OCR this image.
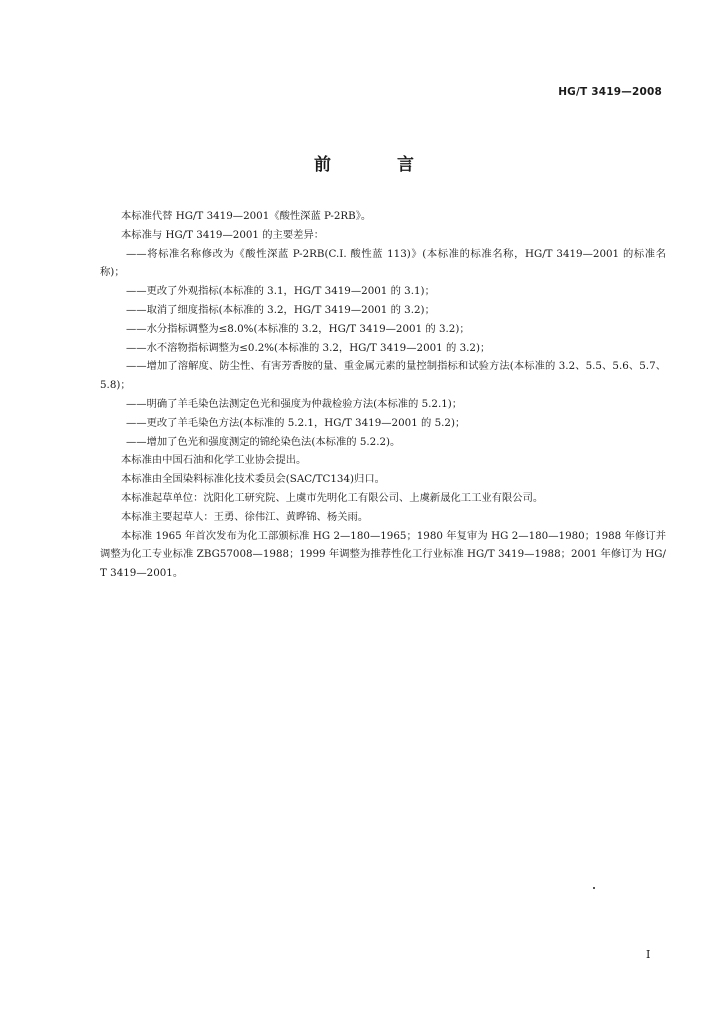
HG/T 3419—2008
前 言

本标准代替 HG/T 3419—2001《酸性深蓝 P-2RB》。

本标准与 HG/T 3419—2001 的主要差异：

——将标准名称修改为《酸性深蓝 P-2RB(C.I. 酸性蓝 113)》(本标准的标准名称，HG/T 3419—2001 的标准名称)；

——更改了外观指标(本标准的 3.1，HG/T 3419—2001 的 3.1)；

——取消了细度指标(本标准的 3.2，HG/T 3419—2001 的 3.2)；

——水分指标调整为≤8.0%(本标准的 3.2，HG/T 3419—2001 的 3.2)；

——水不溶物指标调整为≤0.2%(本标准的 3.2，HG/T 3419—2001 的 3.2)；

——增加了溶解度、防尘性、有害芳香胺的量、重金属元素的量控制指标和试验方法(本标准的 3.2、5.5、5.6、5.7、5.8)；

——明确了羊毛染色法测定色光和强度为仲裁检验方法(本标准的 5.2.1)；

——更改了羊毛染色方法(本标准的 5.2.1，HG/T 3419—2001 的 5.2)；

——增加了色光和强度测定的锦纶染色法(本标准的 5.2.2)。

本标准由中国石油和化学工业协会提出。

本标准由全国染料标准化技术委员会(SAC/TC134)归口。

本标准起草单位：沈阳化工研究院、上虞市先明化工有限公司、上虞新晟化工工业有限公司。

本标准主要起草人：王勇、徐伟江、黄晔锦、杨关雨。

本标准 1965 年首次发布为化工部颁标准 HG 2—180—1965；1980 年复审为 HG 2—180—1980；1988 年修订并调整为化工专业标准 ZBG57008—1988；1999 年调整为推荐性化工行业标准 HG/T 3419—1988；2001 年修订为 HG/T 3419—2001。

I
